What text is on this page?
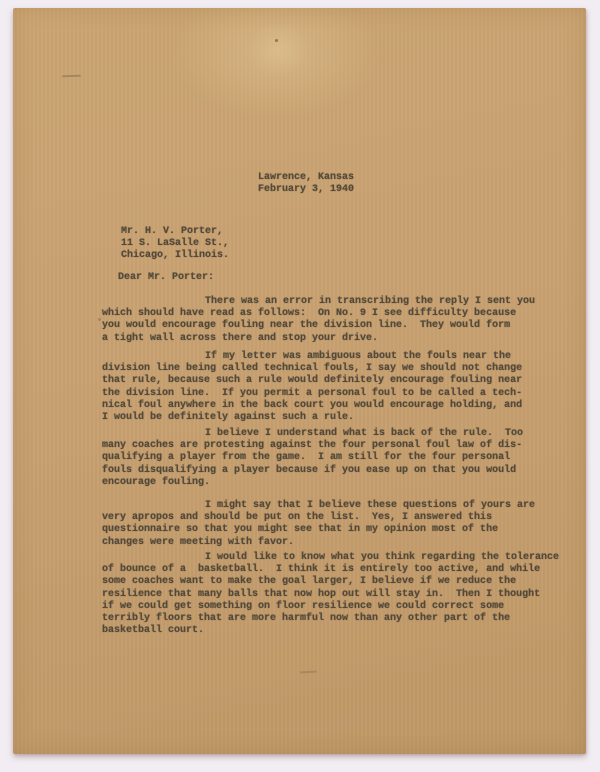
Lawrence, Kansas
February 3, 1940
Mr. H. V. Porter,
11 S. LaSalle St.,
Chicago, Illinois.
Dear Mr. Porter:
There was an error in transcribing the reply I sent you
which should have read as follows:  On No. 9 I see difficulty because
you would encourage fouling near the division line.  They would form
a tight wall across there and stop your drive.
If my letter was ambiguous about the fouls near the
division line being called technical fouls, I say we should not change
that rule, because such a rule would definitely encourage fouling near
the division line.  If you permit a personal foul to be called a tech-
nical foul anywhere in the back court you would encourage holding, and
I would be definitely against such a rule.
I believe I understand what is back of the rule.  Too
many coaches are protesting against the four personal foul law of dis-
qualifying a player from the game.  I am still for the four personal
fouls disqualifying a player because if you ease up on that you would
encourage fouling.
I might say that I believe these questions of yours are
very apropos and should be put on the list.  Yes, I answered this
questionnaire so that you might see that in my opinion most of the
changes were meeting with favor.
I would like to know what you think regarding the tolerance
of bounce of a  basketball.  I think it is entirely too active, and while
some coaches want to make the goal larger, I believe if we reduce the
resilience that many balls that now hop out will stay in.  Then I thought
if we could get something on floor resilience we could correct some
terribly floors that are more harmful now than any other part of the
basketball court.
